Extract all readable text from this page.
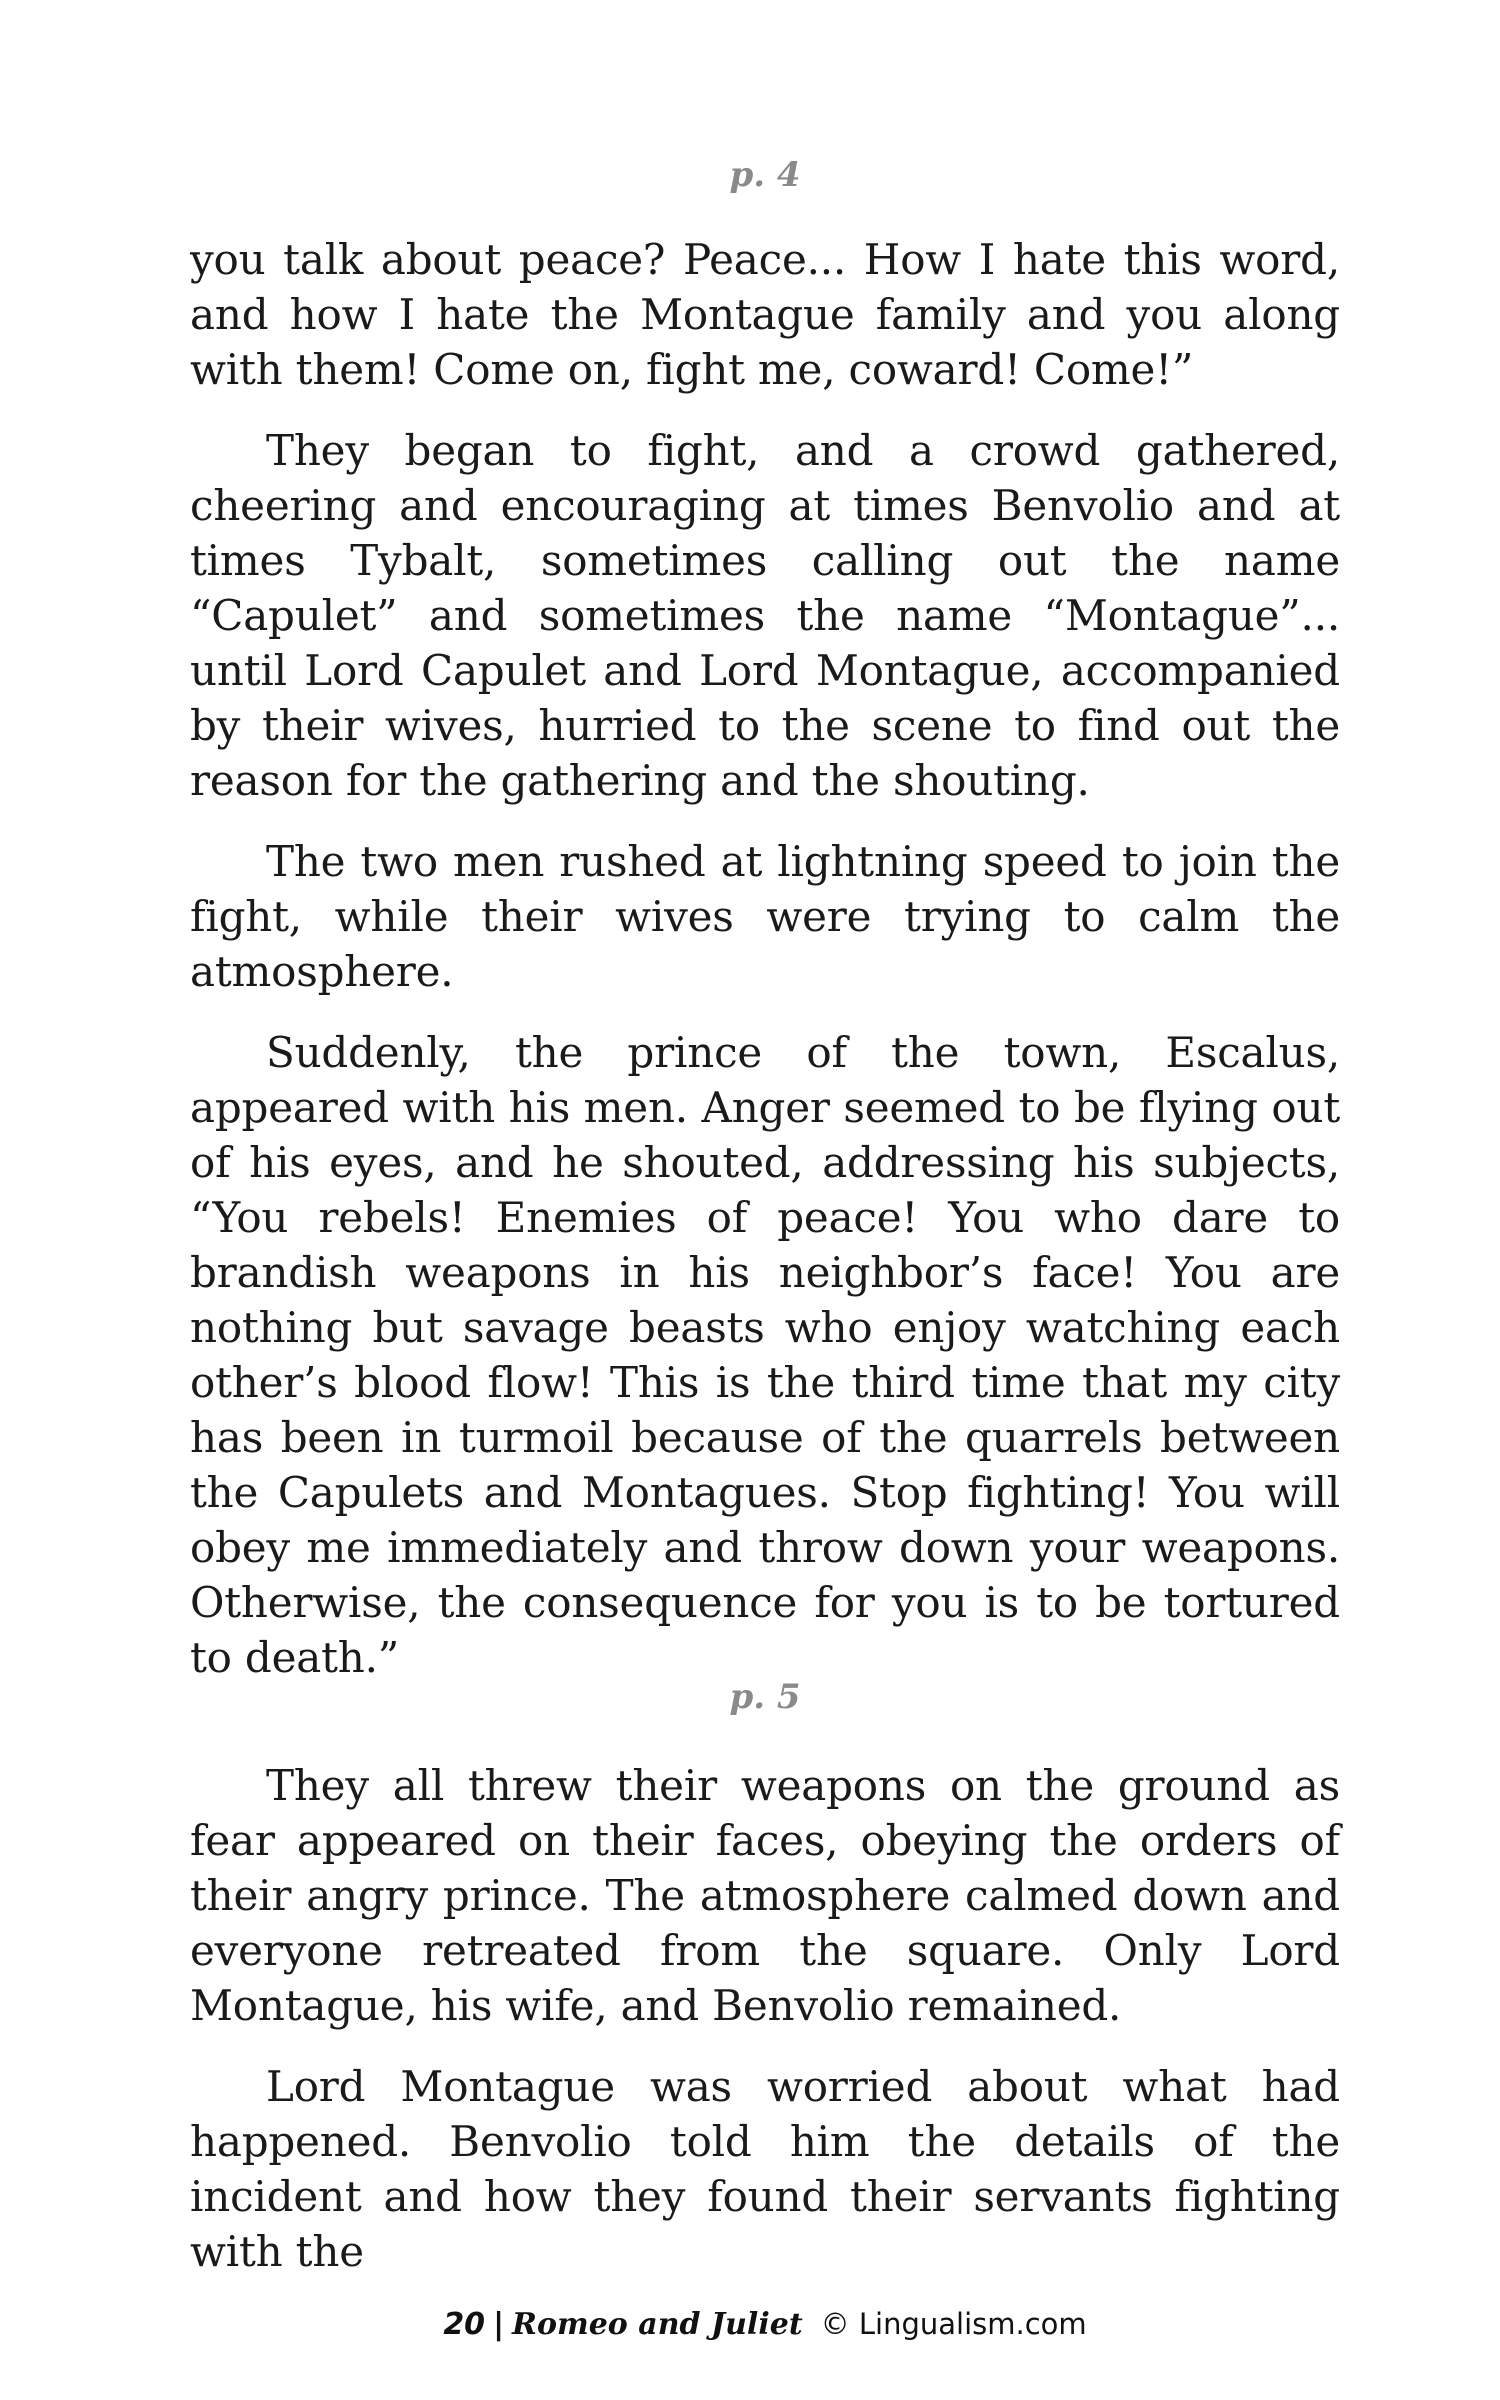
p. 4

you talk about peace? Peace... How I hate this word, and how I hate the Montague family and you along with them! Come on, fight me, coward! Come!”

They began to fight, and a crowd gathered, cheering and encouraging at times Benvolio and at times Tybalt, sometimes calling out the name “Capulet” and sometimes the name “Montague”... until Lord Capulet and Lord Montague, accompanied by their wives, hurried to the scene to find out the reason for the gathering and the shouting.

The two men rushed at lightning speed to join the fight, while their wives were trying to calm the atmosphere.

Suddenly, the prince of the town, Escalus, appeared with his men. Anger seemed to be flying out of his eyes, and he shouted, addressing his subjects, “You rebels! Enemies of peace! You who dare to brandish weapons in his neighbor’s face! You are nothing but savage beasts who enjoy watching each other’s blood flow! This is the third time that my city has been in turmoil because of the quarrels between the Capulets and Montagues. Stop fighting! You will obey me immediately and throw down your weapons. Otherwise, the consequence for you is to be tortured to death.”

p. 5

They all threw their weapons on the ground as fear appeared on their faces, obeying the orders of their angry prince. The atmosphere calmed down and everyone retreated from the square. Only Lord Montague, his wife, and Benvolio remained.

Lord Montague was worried about what had happened. Benvolio told him the details of the incident and how they found their servants fighting with the

20 | Romeo and Juliet © Lingualism.com
